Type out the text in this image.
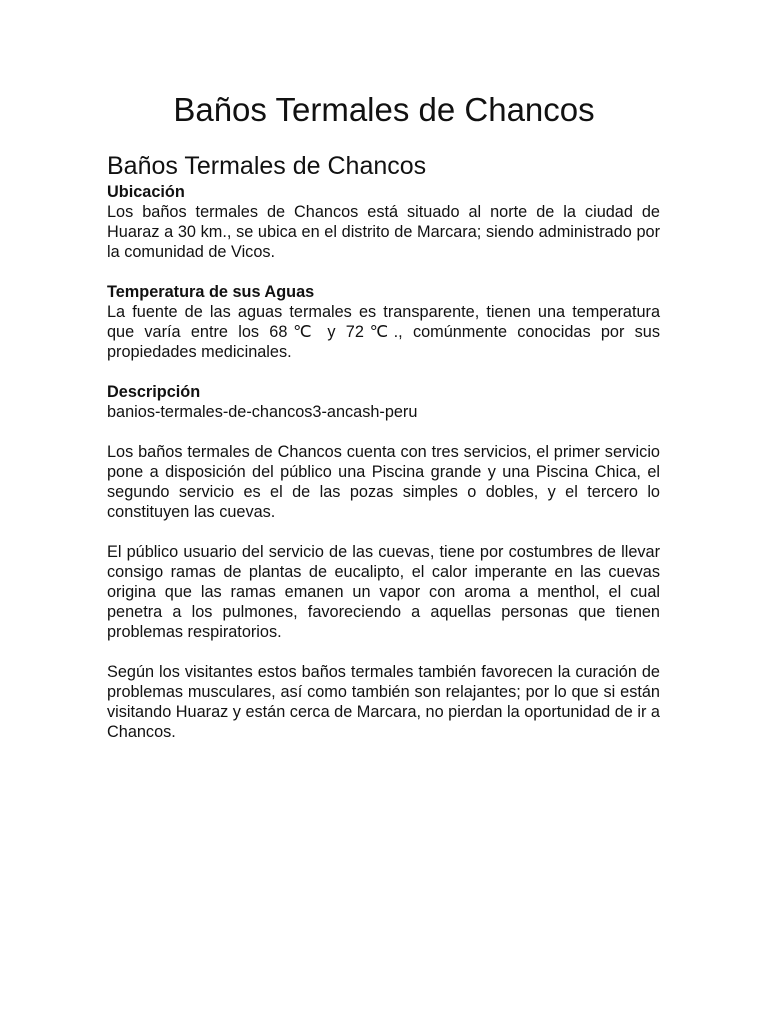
Baños Termales de Chancos
Baños Termales de Chancos

Ubicación

Los baños termales de Chancos está situado al norte de la ciudad de Huaraz a 30 km., se ubica en el distrito de Marcara; siendo administrado por la comunidad de Vicos.

Temperatura de sus Aguas

La fuente de las aguas termales es transparente, tienen una temperatura que varía entre los 68℃ y 72℃., comúnmente conocidas por sus propiedades medicinales.

Descripción

banios-termales-de-chancos3-ancash-peru

Los baños termales de Chancos cuenta con tres servicios, el primer servicio pone a disposición del público una Piscina grande y una Piscina Chica, el segundo servicio es el de las pozas simples o dobles, y el tercero lo constituyen las cuevas.

El público usuario del servicio de las cuevas, tiene por costumbres de llevar consigo ramas de plantas de eucalipto, el calor imperante en las cuevas origina que las ramas emanen un vapor con aroma a menthol, el cual penetra a los pulmones, favoreciendo a aquellas personas que tienen problemas respiratorios.

Según los visitantes estos baños termales también favorecen la curación de problemas musculares, así como también son relajantes; por lo que si están visitando Huaraz y están cerca de Marcara, no pierdan la oportunidad de ir a Chancos.
